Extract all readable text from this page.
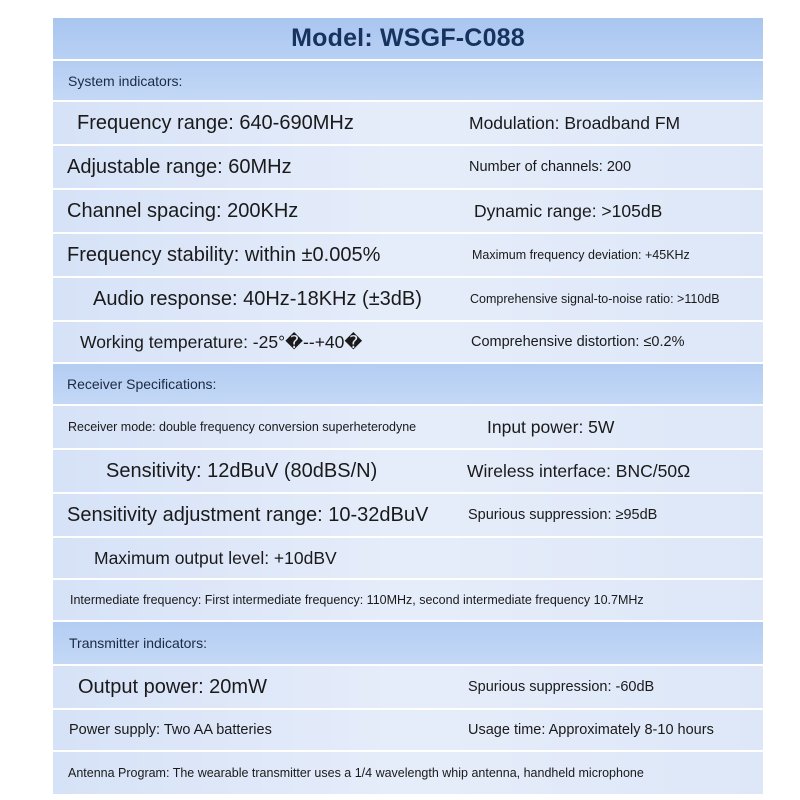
Model: WSGF-C088
System indicators:
Frequency range: 640-690MHz	Modulation: Broadband FM
Adjustable range: 60MHz	Number of channels: 200
Channel spacing: 200KHz	Dynamic range: >105dB
Frequency stability: within ±0.005%	Maximum frequency deviation: +45KHz
Audio response: 40Hz-18KHz (±3dB)	Comprehensive signal-to-noise ratio: >110dB
Working temperature: -25°�--+40�	Comprehensive distortion: ≤0.2%
Receiver Specifications:
Receiver mode: double frequency conversion superheterodyne	Input power: 5W
Sensitivity: 12dBuV (80dBS/N)	Wireless interface: BNC/50Ω
Sensitivity adjustment range: 10-32dBuV	Spurious suppression: ≥95dB
Maximum output level: +10dBV
Intermediate frequency: First intermediate frequency: 110MHz, second intermediate frequency 10.7MHz
Transmitter indicators:
Output power: 20mW	Spurious suppression: -60dB
Power supply: Two AA batteries	Usage time: Approximately 8-10 hours
Antenna Program: The wearable transmitter uses a 1/4 wavelength whip antenna, handheld microphone
